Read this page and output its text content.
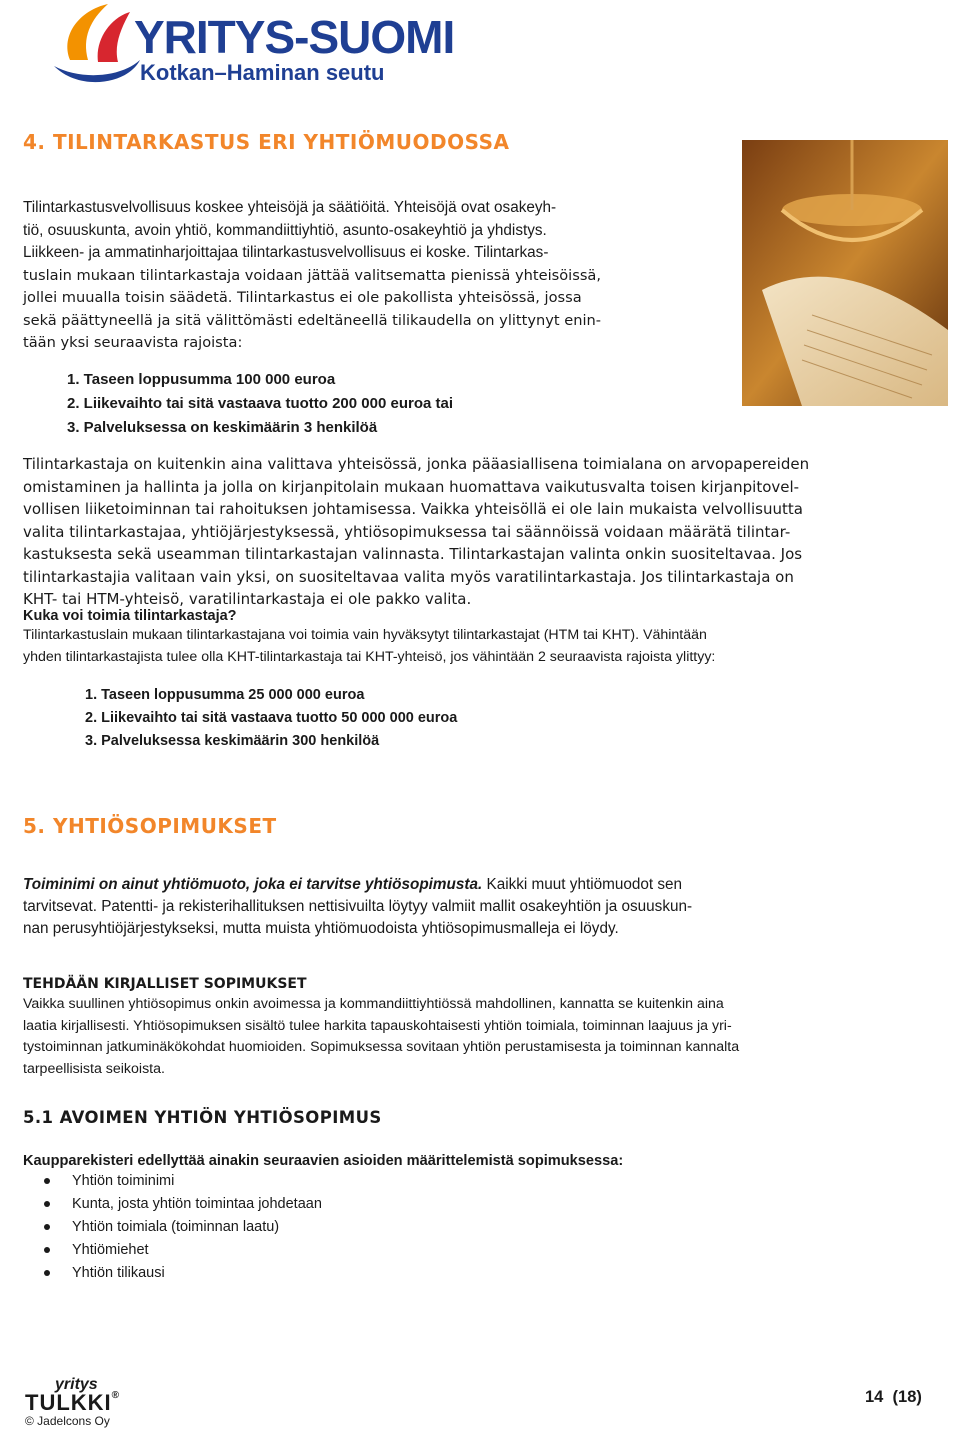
YRITYS-SUOMI
Kotkan–Haminan seutu
4. TILINTARKASTUS ERI YHTIÖMUODOSSA
Tilintarkastusvelvollisuus koskee yhteisöjä ja säätiöitä. Yhteisöjä ovat osakeyh-
tiö, osuuskunta, avoin yhtiö, kommandiittiyhtiö, asunto-osakeyhtiö ja yhdistys.
Liikkeen- ja ammatinharjoittajaa tilintarkastusvelvollisuus ei koske. Tilintarkas-
tuslain mukaan tilintarkastaja voidaan jättää valitsematta pienissä yhteisöissä,
jollei muualla toisin säädetä. Tilintarkastus ei ole pakollista yhteisössä, jossa
sekä päättyneellä ja sitä välittömästi edeltäneellä tilikaudella on ylittynyt enin-
tään yksi seuraavista rajoista:
1. Taseen loppusumma 100 000 euroa
2. Liikevaihto tai sitä vastaava tuotto 200 000 euroa tai
3. Palveluksessa on keskimäärin 3 henkilöä
Tilintarkastaja on kuitenkin aina valittava yhteisössä, jonka pääasiallisena toimialana on arvopapereiden
omistaminen ja hallinta ja jolla on kirjanpitolain mukaan huomattava vaikutusvalta toisen kirjanpitovel-
vollisen liiketoiminnan tai rahoituksen johtamisessa. Vaikka yhteisöllä ei ole lain mukaista velvollisuutta
valita tilintarkastajaa, yhtiöjärjestyksessä, yhtiösopimuksessa tai säännöissä voidaan määrätä tilintar-
kastuksesta sekä useamman tilintarkastajan valinnasta. Tilintarkastajan valinta onkin suositeltavaa. Jos
tilintarkastajia valitaan vain yksi, on suositeltavaa valita myös varatilintarkastaja. Jos tilintarkastaja on
KHT- tai HTM-yhteisö, varatilintarkastaja ei ole pakko valita.
Kuka voi toimia tilintarkastaja?
Tilintarkastuslain mukaan tilintarkastajana voi toimia vain hyväksytyt tilintarkastajat (HTM tai KHT). Vähintään
yhden tilintarkastajista tulee olla KHT-tilintarkastaja tai KHT-yhteisö, jos vähintään 2 seuraavista rajoista ylittyy:
1. Taseen loppusumma 25 000 000 euroa
2. Liikevaihto tai sitä vastaava tuotto 50 000 000 euroa
3. Palveluksessa keskimäärin 300 henkilöä
5. YHTIÖSOPIMUKSET
Toiminimi on ainut yhtiömuoto, joka ei tarvitse yhtiösopimusta. Kaikki muut yhtiömuodot sen
tarvitsevat. Patentti- ja rekisterihallituksen nettisivuilta löytyy valmiit mallit osakeyhtiön ja osuuskun-
nan perusyhtiöjärjestykseksi, mutta muista yhtiömuodoista yhtiösopimusmalleja ei löydy.
TEHDÄÄN KIRJALLISET SOPIMUKSET
Vaikka suullinen yhtiösopimus onkin avoimessa ja kommandiittiyhtiössä mahdollinen, kannatta se kuitenkin aina
laatia kirjallisesti. Yhtiösopimuksen sisältö tulee harkita tapauskohtaisesti yhtiön toimiala, toiminnan laajuus ja yri-
tystoiminnan jatkuminäkökohdat huomioiden. Sopimuksessa sovitaan yhtiön perustamisesta ja toiminnan kannalta
tarpeellisista seikoista.
5.1 AVOIMEN YHTIÖN YHTIÖSOPIMUS
Kaupparekisteri edellyttää ainakin seuraavien asioiden määrittelemistä sopimuksessa:
Yhtiön toiminimi
Kunta, josta yhtiön toimintaa johdetaan
Yhtiön toimiala (toiminnan laatu)
Yhtiömiehet
Yhtiön tilikausi
yritys
TULKKI®
© Jadelcons Oy
14  (18)
